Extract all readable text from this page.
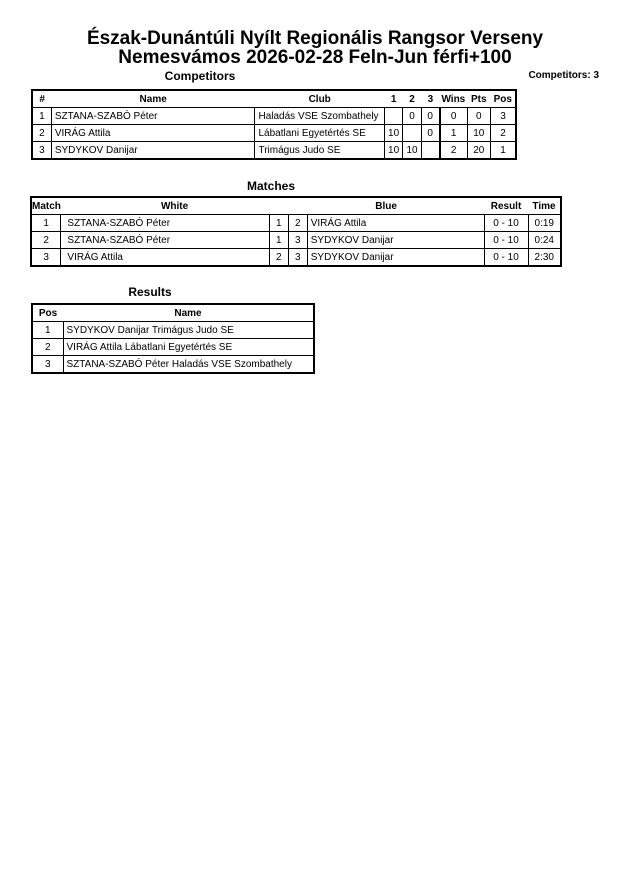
Észak-Dunántúli Nyílt Regionális Rangsor Verseny
Nemesvámos 2026-02-28 Feln-Jun férfi+100
Competitors	Competitors: 3
#	Name	Club	1	2	3	Wins	Pts	Pos
1	SZTANA-SZABÓ Péter	Haladás VSE Szombathely		0	0	0	0	3
2	VIRÁG Attila	Lábatlani Egyetértés SE	10		0	1	10	2
3	SYDYKOV Danijar	Trimágus Judo SE	10	10		2	20	1
Matches
Match	White		Blue		Result	Time
1	SZTANA-SZABÓ Péter	1	2	VIRÁG Attila	0 - 10	0:19
2	SZTANA-SZABÓ Péter	1	3	SYDYKOV Danijar	0 - 10	0:24
3	VIRÁG Attila	2	3	SYDYKOV Danijar	0 - 10	2:30
Results
Pos	Name
1	SYDYKOV Danijar Trimágus Judo SE
2	VIRÁG Attila Lábatlani Egyetértés SE
3	SZTANA-SZABÓ Péter Haladás VSE Szombathely
